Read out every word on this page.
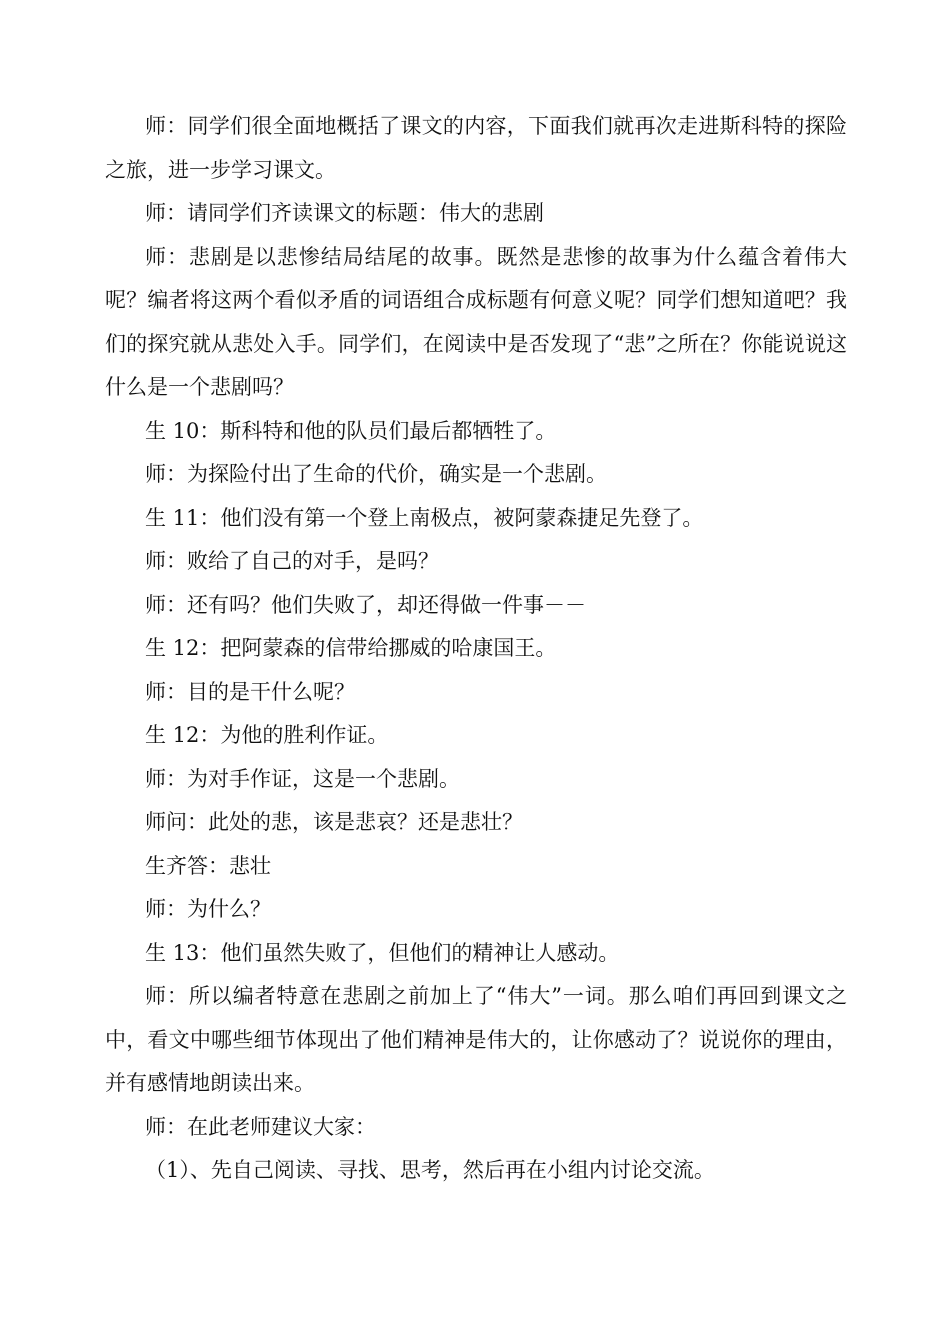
师：同学们很全面地概括了课文的内容，下面我们就再次走进斯科特的探险之旅，进一步学习课文。

师：请同学们齐读课文的标题：伟大的悲剧

师：悲剧是以悲惨结局结尾的故事。既然是悲惨的故事为什么蕴含着伟大呢？编者将这两个看似矛盾的词语组合成标题有何意义呢？同学们想知道吧？我们的探究就从悲处入手。同学们，在阅读中是否发现了“悲”之所在？你能说说这什么是一个悲剧吗？

生 10：斯科特和他的队员们最后都牺牲了。

师：为探险付出了生命的代价，确实是一个悲剧。

生 11：他们没有第一个登上南极点，被阿蒙森捷足先登了。

师：败给了自己的对手，是吗？

师：还有吗？他们失败了，却还得做一件事－－

生 12：把阿蒙森的信带给挪威的哈康国王。

师：目的是干什么呢？

生 12：为他的胜利作证。

师：为对手作证，这是一个悲剧。

师问：此处的悲，该是悲哀？还是悲壮？

生齐答：悲壮

师：为什么？

生 13：他们虽然失败了，但他们的精神让人感动。

师：所以编者特意在悲剧之前加上了“伟大”一词。那么咱们再回到课文之中，看文中哪些细节体现出了他们精神是伟大的，让你感动了？说说你的理由，并有感情地朗读出来。

师：在此老师建议大家：

（1）、先自己阅读、寻找、思考，然后再在小组内讨论交流。
